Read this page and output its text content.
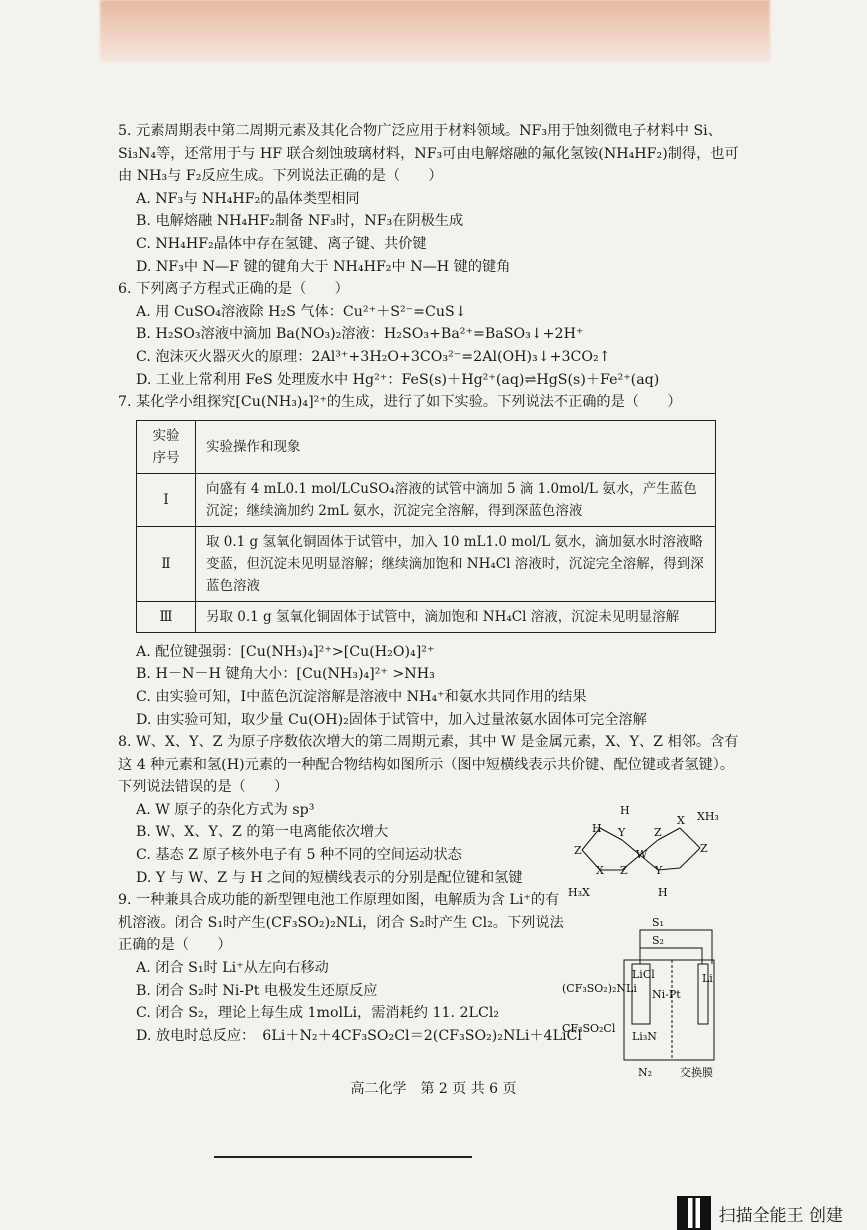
5. 元素周期表中第二周期元素及其化合物广泛应用于材料领域。NF₃用于蚀刻微电子材料中 Si、
Si₃N₄等，还常用于与 HF 联合刻蚀玻璃材料，NF₃可由电解熔融的氟化氢铵(NH₄HF₂)制得，也可
由 NH₃与 F₂反应生成。下列说法正确的是（　　）
A. NF₃与 NH₄HF₂的晶体类型相同
B. 电解熔融 NH₄HF₂制备 NF₃时，NF₃在阴极生成
C. NH₄HF₂晶体中存在氢键、离子键、共价键
D. NF₃中 N—F 键的键角大于 NH₄HF₂中 N—H 键的键角
6. 下列离子方程式正确的是（　　）
A. 用 CuSO₄溶液除 H₂S 气体：Cu²⁺＋S²⁻=CuS↓
B. H₂SO₃溶液中滴加 Ba(NO₃)₂溶液：H₂SO₃+Ba²⁺=BaSO₃↓+2H⁺
C. 泡沫灭火器灭火的原理：2Al³⁺+3H₂O+3CO₃²⁻=2Al(OH)₃↓+3CO₂↑
D. 工业上常利用 FeS 处理废水中 Hg²⁺：FeS(s)＋Hg²⁺(aq)⇌HgS(s)＋Fe²⁺(aq)
7. 某化学小组探究[Cu(NH₃)₄]²⁺的生成，进行了如下实验。下列说法不正确的是（　　）
实验序号	实验操作和现象
Ⅰ	向盛有 4 mL0.1 mol/LCuSO₄溶液的试管中滴加 5 滴 1.0mol/L 氨水，产生蓝色沉淀；继续滴加约 2mL 氨水，沉淀完全溶解，得到深蓝色溶液
Ⅱ	取 0.1 g 氢氧化铜固体于试管中，加入 10 mL1.0 mol/L 氨水，滴加氨水时溶液略变蓝，但沉淀未见明显溶解；继续滴加饱和 NH₄Cl 溶液时，沉淀完全溶解，得到深蓝色溶液
Ⅲ	另取 0.1 g 氢氧化铜固体于试管中，滴加饱和 NH₄Cl 溶液，沉淀未见明显溶解
A. 配位键强弱：[Cu(NH₃)₄]²⁺>[Cu(H₂O)₄]²⁺
B. H－N－H 键角大小：[Cu(NH₃)₄]²⁺ >NH₃
C. 由实验可知，Ⅰ中蓝色沉淀溶解是溶液中 NH₄⁺和氨水共同作用的结果
D. 由实验可知，取少量 Cu(OH)₂固体于试管中，加入过量浓氨水固体可完全溶解
8. W、X、Y、Z 为原子序数依次增大的第二周期元素，其中 W 是金属元素，X、Y、Z 相邻。含有
这 4 种元素和氢(H)元素的一种配合物结构如图所示（图中短横线表示共价键、配位键或者氢键）。
下列说法错误的是（　　）
A. W 原子的杂化方式为 sp³
B. W、X、Y、Z 的第一电离能依次增大
C. 基态 Z 原子核外电子有 5 种不同的空间运动状态
D. Y 与 W、Z 与 H 之间的短横线表示的分别是配位键和氢键
9. 一种兼具合成功能的新型锂电池工作原理如图，电解质为含 Li⁺的有
机溶液。闭合 S₁时产生(CF₃SO₂)₂NLi，闭合 S₂时产生 Cl₂。下列说法
正确的是（　　）
A. 闭合 S₁时 Li⁺从左向右移动
B. 闭合 S₂时 Ni-Pt 电极发生还原反应
C. 闭合 S₂，理论上每生成 1molLi，需消耗约 11. 2LCl₂
D. 放电时总反应：　6Li＋N₂＋4CF₃SO₂Cl＝2(CF₃SO₂)₂NLi＋4LiCl
H Y
W
Z
X XH₃
Z
X Z Y
Z
H₃X	H
H
S₁
S₂
LiCl
Ni-Pt
Li
(CF₃SO₂)₂NLi
CF₃SO₂Cl
Li₃N
N₂	交换膜
高二化学　第 2 页 共 6 页
扫描全能王 创建
